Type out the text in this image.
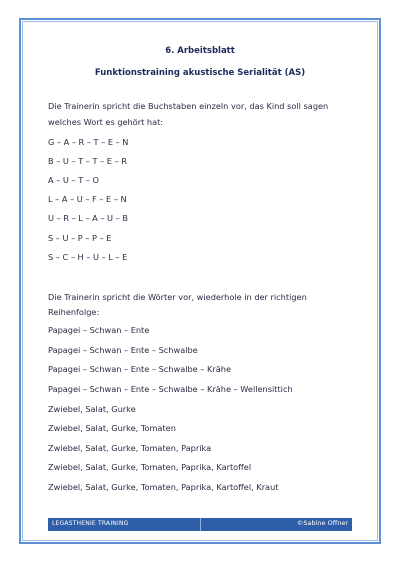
6. Arbeitsblatt
Funktionstraining akustische Serialität (AS)
Die Trainerin spricht die Buchstaben einzeln vor, das Kind soll sagen
welches Wort es gehört hat:
G – A – R – T – E – N
B – U – T – T – E – R
A – U – T – O
L – A – U – F – E – N
U – R – L – A – U – B
S – U – P – P – E
S – C – H – U – L – E
Die Trainerin spricht die Wörter vor, wiederhole in der richtigen
Reihenfolge:
Papagei – Schwan – Ente
Papagei – Schwan – Ente – Schwalbe
Papagei – Schwan – Ente – Schwalbe – Krähe
Papagei – Schwan – Ente – Schwalbe – Krähe – Wellensittich
Zwiebel, Salat, Gurke
Zwiebel, Salat, Gurke, Tomaten
Zwiebel, Salat, Gurke, Tomaten, Paprika
Zwiebel, Salat, Gurke, Tomaten, Paprika, Kartoffel
Zwiebel, Salat, Gurke, Tomaten, Paprika, Kartoffel, Kraut
LEGASTHENIE TRAINING	©Sabine Offner
